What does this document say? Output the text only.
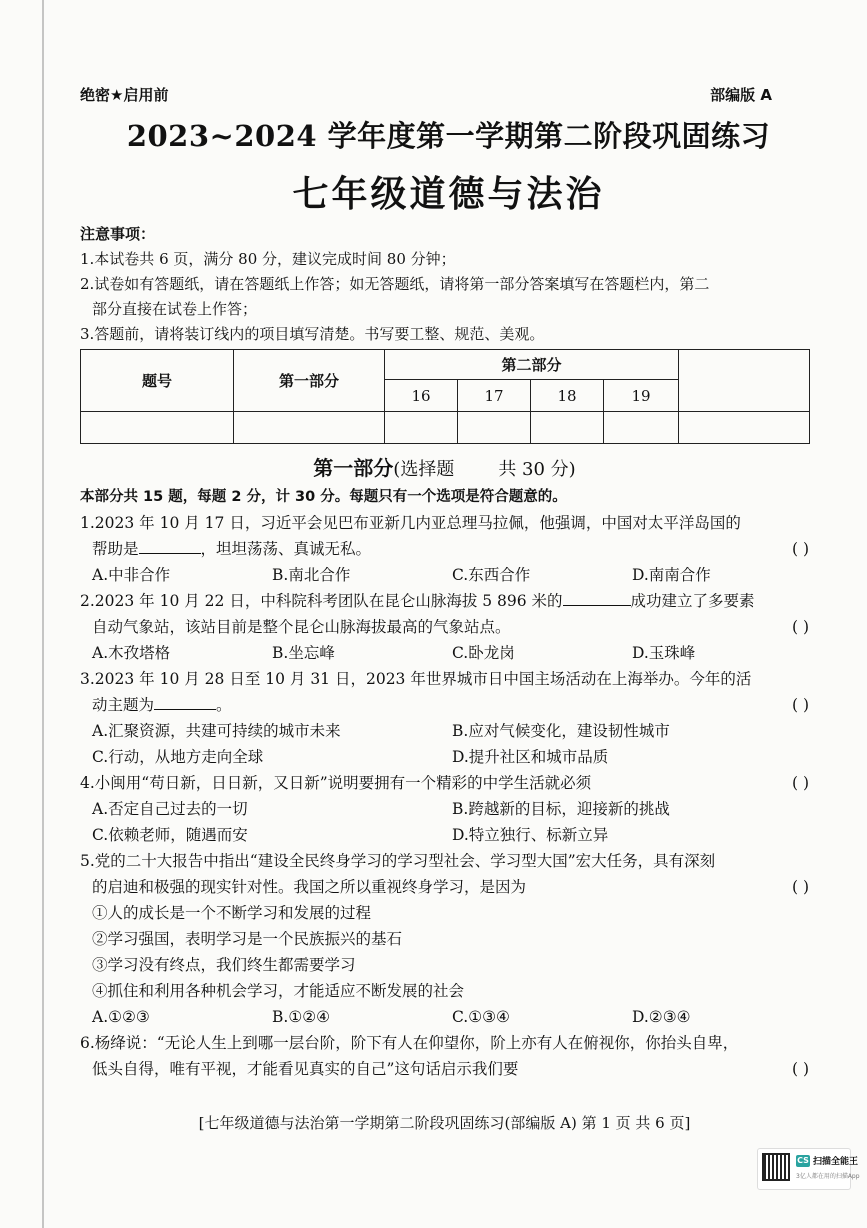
绝密★启用前	部编版 A
2023~2024 学年度第一学期第二阶段巩固练习
七年级道德与法治

注意事项：

1.本试卷共 6 页，满分 80 分，建议完成时间 80 分钟；

2.试卷如有答题纸，请在答题纸上作答；如无答题纸，请将第一部分答案填写在答题栏内，第二

部分直接在试卷上作答；

3.答题前，请将装订线内的项目填写清楚。书写要工整、规范、美观。

题号	第一部分	第二部分				
		16	17	18	19	

第一部分(选择题 共 30 分)
本部分共 15 题，每题 2 分，计 30 分。每题只有一个选项是符合题意的。

1.2023 年 10 月 17 日，习近平会见巴布亚新几内亚总理马拉佩，他强调，中国对太平洋岛国的

帮助是	，坦坦荡荡、真诚无私。	( )

A.中非合作	B.南北合作	C.东西合作	D.南南合作

2.2023 年 10 月 22 日，中科院科考团队在昆仑山脉海拔 5 896 米的	成功建立了多要素

自动气象站，该站目前是整个昆仑山脉海拔最高的气象站点。	( )

A.木孜塔格	B.坐忘峰	C.卧龙岗	D.玉珠峰

3.2023 年 10 月 28 日至 10 月 31 日，2023 年世界城市日中国主场活动在上海举办。今年的活

动主题为	。	( )

A.汇聚资源，共建可持续的城市未来	B.应对气候变化，建设韧性城市
C.行动，从地方走向全球	D.提升社区和城市品质

4.小闽用“苟日新，日日新，又日新”说明要拥有一个精彩的中学生活就必须	( )

A.否定自己过去的一切	B.跨越新的目标，迎接新的挑战
C.依赖老师，随遇而安	D.特立独行、标新立异

5.党的二十大报告中指出“建设全民终身学习的学习型社会、学习型大国”宏大任务，具有深刻

的启迪和极强的现实针对性。我国之所以重视终身学习，是因为	( )

①人的成长是一个不断学习和发展的过程

②学习强国，表明学习是一个民族振兴的基石

③学习没有终点，我们终生都需要学习

④抓住和利用各种机会学习，才能适应不断发展的社会

A.①②③	B.①②④	C.①③④	D.②③④

6.杨绛说：“无论人生上到哪一层台阶，阶下有人在仰望你，阶上亦有人在俯视你，你抬头自卑，

低头自得，唯有平视，才能看见真实的自己”这句话启示我们要	( )

[七年级道德与法治第一学期第二阶段巩固练习(部编版 A) 第 1 页 共 6 页]
CS 扫描全能王
3亿人都在用的扫描App
